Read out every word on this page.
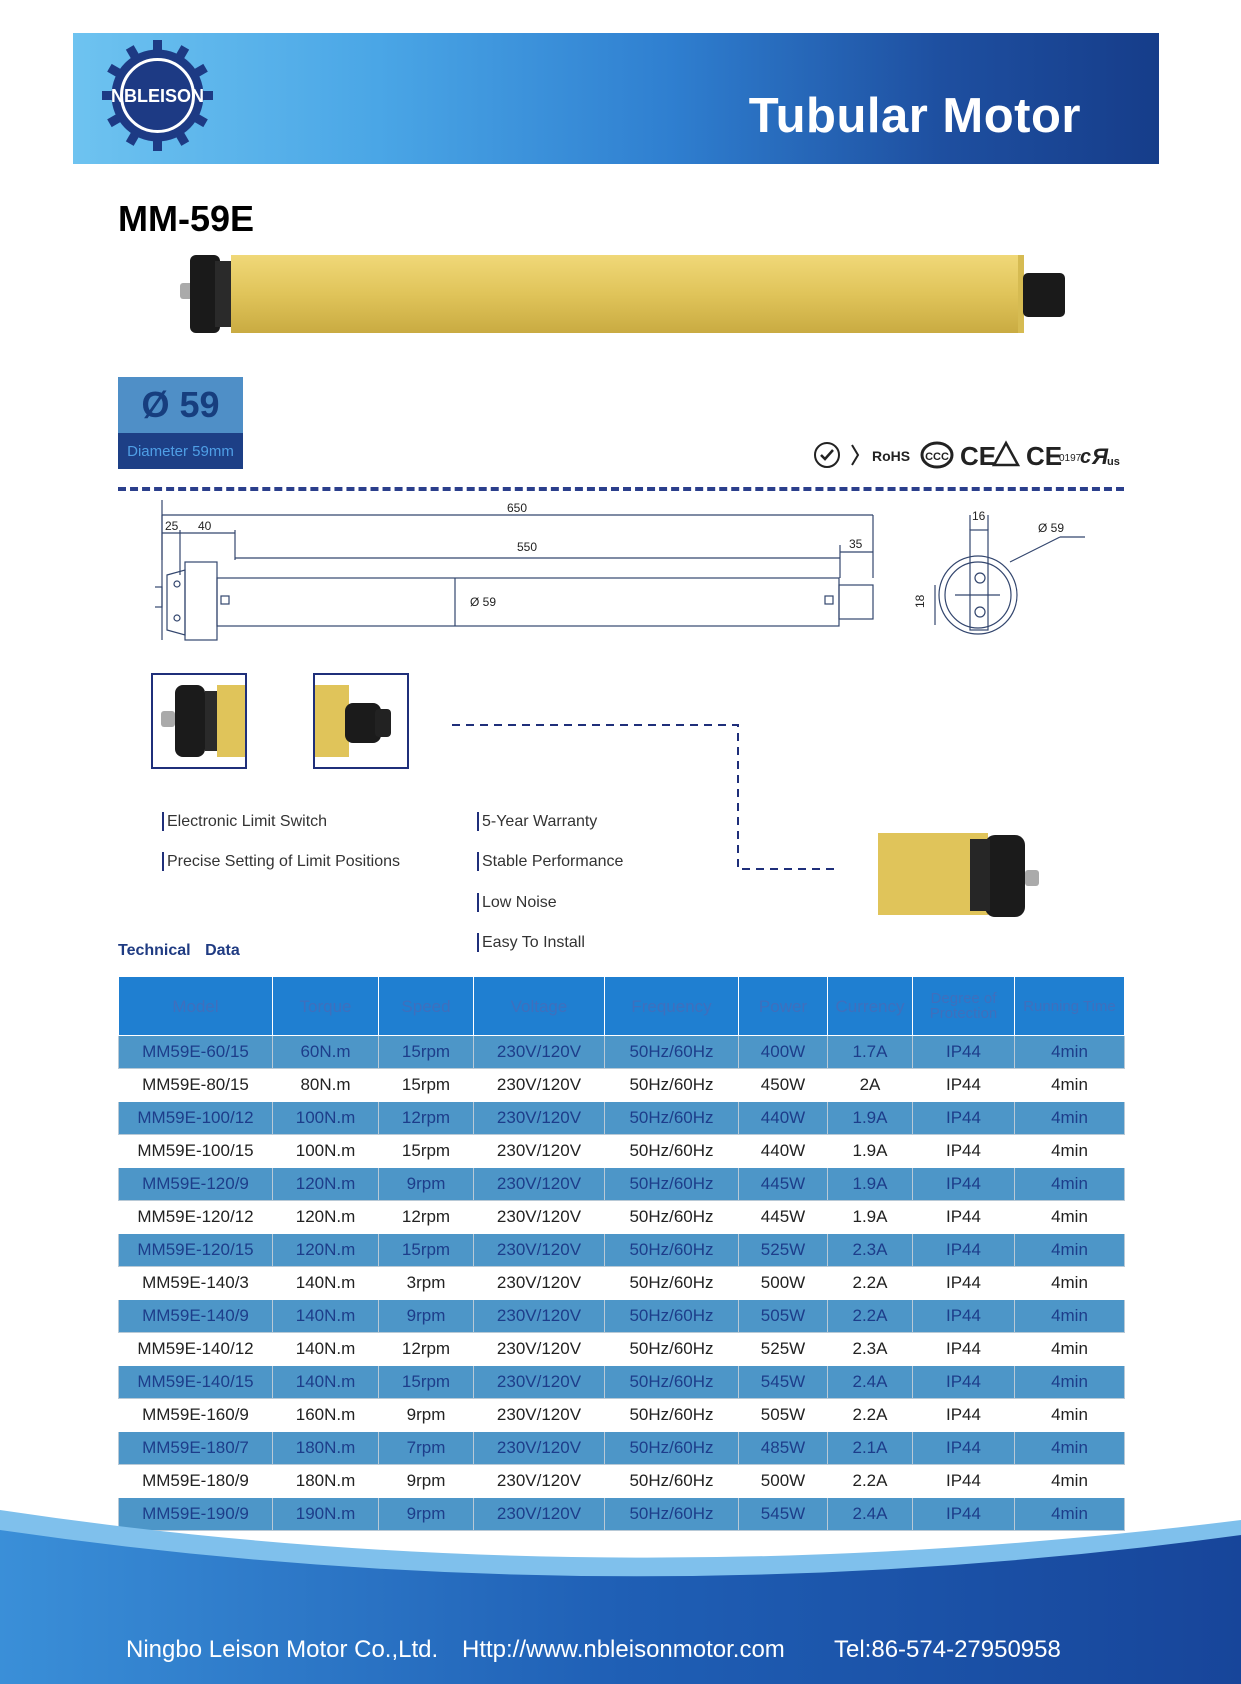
NBLEISON	Tubular Motor
MM-59E
Ø 59
Diameter 59mm	RoHS CCC CE CE
0197
c Я
us
650
550
25 40
35
Ø 59
16
Ø 59
18
Electronic Limit Switch
Precise Setting of Limit Positions
5-Year Warranty
Stable Performance
Low Noise
Easy To Install
Technical Data
Model	Torque	Speed	Voltage	Frequency	Power	Currency	Degree of Protection	Running Time
MM59E-60/15	60N.m	15rpm	230V/120V	50Hz/60Hz	400W	1.7A	IP44	4min
MM59E-80/15	80N.m	15rpm	230V/120V	50Hz/60Hz	450W	2A	IP44	4min
MM59E-100/12	100N.m	12rpm	230V/120V	50Hz/60Hz	440W	1.9A	IP44	4min
MM59E-100/15	100N.m	15rpm	230V/120V	50Hz/60Hz	440W	1.9A	IP44	4min
MM59E-120/9	120N.m	9rpm	230V/120V	50Hz/60Hz	445W	1.9A	IP44	4min
MM59E-120/12	120N.m	12rpm	230V/120V	50Hz/60Hz	445W	1.9A	IP44	4min
MM59E-120/15	120N.m	15rpm	230V/120V	50Hz/60Hz	525W	2.3A	IP44	4min
MM59E-140/3	140N.m	3rpm	230V/120V	50Hz/60Hz	500W	2.2A	IP44	4min
MM59E-140/9	140N.m	9rpm	230V/120V	50Hz/60Hz	505W	2.2A	IP44	4min
MM59E-140/12	140N.m	12rpm	230V/120V	50Hz/60Hz	525W	2.3A	IP44	4min
MM59E-140/15	140N.m	15rpm	230V/120V	50Hz/60Hz	545W	2.4A	IP44	4min
MM59E-160/9	160N.m	9rpm	230V/120V	50Hz/60Hz	505W	2.2A	IP44	4min
MM59E-180/7	180N.m	7rpm	230V/120V	50Hz/60Hz	485W	2.1A	IP44	4min
MM59E-180/9	180N.m	9rpm	230V/120V	50Hz/60Hz	500W	2.2A	IP44	4min
MM59E-190/9	190N.m	9rpm	230V/120V	50Hz/60Hz	545W	2.4A	IP44	4min
Ningbo Leison Motor Co.,Ltd. Http://www.nbleisonmotor.com Tel:86-574-27950958
